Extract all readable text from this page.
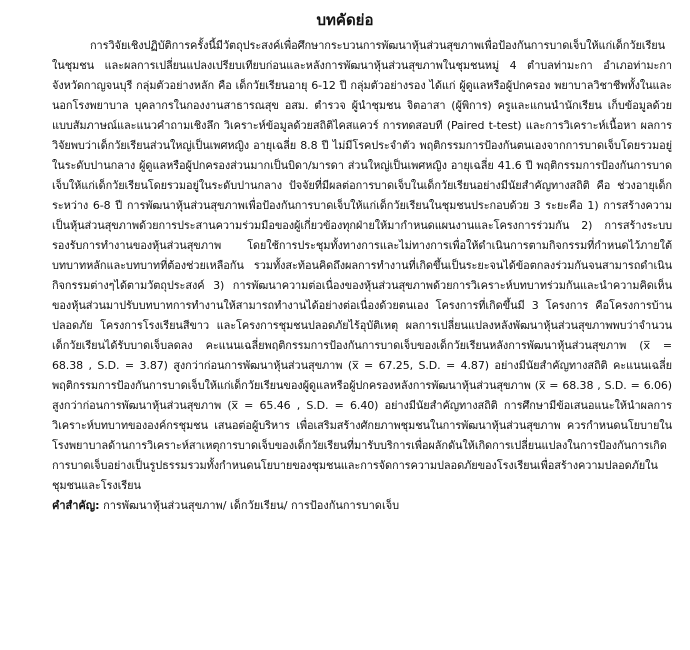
บทคัดย่อ

การวิจัยเชิงปฏิบัติการครั้งนี้มีวัตถุประสงค์เพื่อศึกษากระบวนการพัฒนาหุ้นส่วนสุขภาพเพื่อป้องกันการบาดเจ็บให้แก่เด็กวัยเรียนในชุมชน และผลการเปลี่ยนแปลงเปรียบเทียบก่อนและหลังการพัฒนาหุ้นส่วนสุขภาพในชุมชนหมู่ 4 ตำบลท่ามะกา อำเภอท่ามะกา จังหวัดกาญจนบุรี กลุ่มตัวอย่างหลัก คือ เด็กวัยเรียนอายุ 6-12 ปี กลุ่มตัวอย่างรอง ได้แก่ ผู้ดูแลหรือผู้ปกครอง พยาบาลวิชาชีพทั้งในและนอกโรงพยาบาล บุคลากรในกองงานสาธารณสุข อสม. ตำรวจ ผู้นำชุมชน จิตอาสา (ผู้พิการ) ครูและแกนนำนักเรียน เก็บข้อมูลด้วยแบบสัมภาษณ์และแนวคำถามเชิงลึก วิเคราะห์ข้อมูลด้วยสถิติไคสแควร์ การทดสอบที (Paired t-test) และการวิเคราะห์เนื้อหา ผลการวิจัยพบว่าเด็กวัยเรียนส่วนใหญ่เป็นเพศหญิง อายุเฉลี่ย 8.8 ปี ไม่มีโรคประจำตัว พฤติกรรมการป้องกันตนเองจากการบาดเจ็บโดยรวมอยู่ในระดับปานกลาง ผู้ดูแลหรือผู้ปกครองส่วนมากเป็นบิดา/มารดา ส่วนใหญ่เป็นเพศหญิง อายุเฉลี่ย 41.6 ปี พฤติกรรมการป้องกันการบาดเจ็บให้แก่เด็กวัยเรียนโดยรวมอยู่ในระดับปานกลาง ปัจจัยที่มีผลต่อการบาดเจ็บในเด็กวัยเรียนอย่างมีนัยสำคัญทางสถิติ คือ ช่วงอายุเด็กระหว่าง 6-8 ปี การพัฒนาหุ้นส่วนสุขภาพเพื่อป้องกันการบาดเจ็บให้แก่เด็กวัยเรียนในชุมชนประกอบด้วย 3 ระยะคือ 1) การสร้างความเป็นหุ้นส่วนสุขภาพด้วยการประสานความร่วมมือของผู้เกี่ยวข้องทุกฝ่ายให้มากำหนดแผนงานและโครงการร่วมกัน 2) การสร้างระบบรองรับการทำงานของหุ้นส่วนสุขภาพ โดยใช้การประชุมทั้งทางการและไม่ทางการเพื่อให้ดำเนินการตามกิจกรรมที่กำหนดไว้ภายใต้บทบาทหลักและบทบาทที่ต้องช่วยเหลือกัน รวมทั้งสะท้อนคิดถึงผลการทำงานที่เกิดขึ้นเป็นระยะจนได้ข้อตกลงร่วมกันจนสามารถดำเนินกิจกรรมต่างๆได้ตามวัตถุประสงค์ 3) การพัฒนาความต่อเนื่องของหุ้นส่วนสุขภาพด้วยการวิเคราะห์บทบาทร่วมกันและนำความคิดเห็นของหุ้นส่วนมาปรับบทบาทการทำงานให้สามารถทำงานได้อย่างต่อเนื่องด้วยตนเอง โครงการที่เกิดขึ้นมี 3 โครงการ คือโครงการบ้านปลอดภัย โครงการโรงเรียนสีขาว และโครงการชุมชนปลอดภัยไร้อุบัติเหตุ ผลการเปลี่ยนแปลงหลังพัฒนาหุ้นส่วนสุขภาพพบว่าจำนวนเด็กวัยเรียนได้รับบาดเจ็บลดลง คะแนนเฉลี่ยพฤติกรรมการป้องกันการบาดเจ็บของเด็กวัยเรียนหลังการพัฒนาหุ้นส่วนสุขภาพ (x̅ = 68.38 , S.D. = 3.87) สูงกว่าก่อนการพัฒนาหุ้นส่วนสุขภาพ (x̅ = 67.25, S.D. = 4.87) อย่างมีนัยสำคัญทางสถิติ คะแนนเฉลี่ยพฤติกรรมการป้องกันการบาดเจ็บให้แก่เด็กวัยเรียนของผู้ดูแลหรือผู้ปกครองหลังการพัฒนาหุ้นส่วนสุขภาพ (x̅ = 68.38 , S.D. = 6.06) สูงกว่าก่อนการพัฒนาหุ้นส่วนสุขภาพ (x̅ = 65.46 , S.D. = 6.40) อย่างมีนัยสำคัญทางสถิติ การศึกษามีข้อเสนอแนะให้นำผลการวิเคราะห์บทบาทขององค์กรชุมชน เสนอต่อผู้บริหาร เพื่อเสริมสร้างศักยภาพชุมชนในการพัฒนาหุ้นส่วนสุขภาพ ควรกำหนดนโยบายในโรงพยาบาลด้านการวิเคราะห์สาเหตุการบาดเจ็บของเด็กวัยเรียนที่มารับบริการเพื่อผลักดันให้เกิดการเปลี่ยนแปลงในการป้องกันการเกิดการบาดเจ็บอย่างเป็นรูปธรรมรวมทั้งกำหนดนโยบายของชุมชนและการจัดการความปลอดภัยของโรงเรียนเพื่อสร้างความปลอดภัยในชุมชนและโรงเรียน

คำสำคัญ: การพัฒนาหุ้นส่วนสุขภาพ/ เด็กวัยเรียน/ การป้องกันการบาดเจ็บ
